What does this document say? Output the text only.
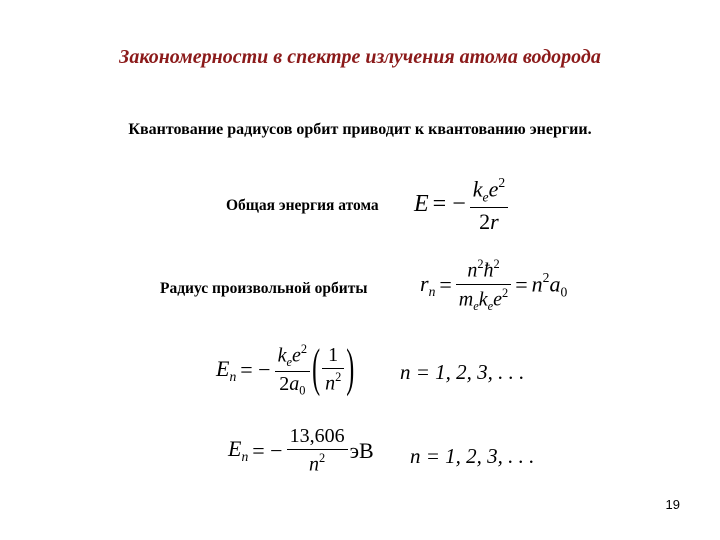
Закономерности в спектре излучения атома водорода
Квантование радиусов орбит приводит к квантованию энергии.
Общая энергия атома E = − $\frac{k_ee^2}{2r}$
Радиус произвольной орбиты $r_n = \frac{n^2ħ^2}{m_ek_ee^2} = n^2a_0$
$E_n$ = − $\frac{k_ee^2}{2a_0}$ ( $\frac{1}{n^2}$ ) n = 1, 2, 3, . . .
$E_n$ = − $\frac{13,606}{n^2}$ эВ n = 1, 2, 3, . . .
19
